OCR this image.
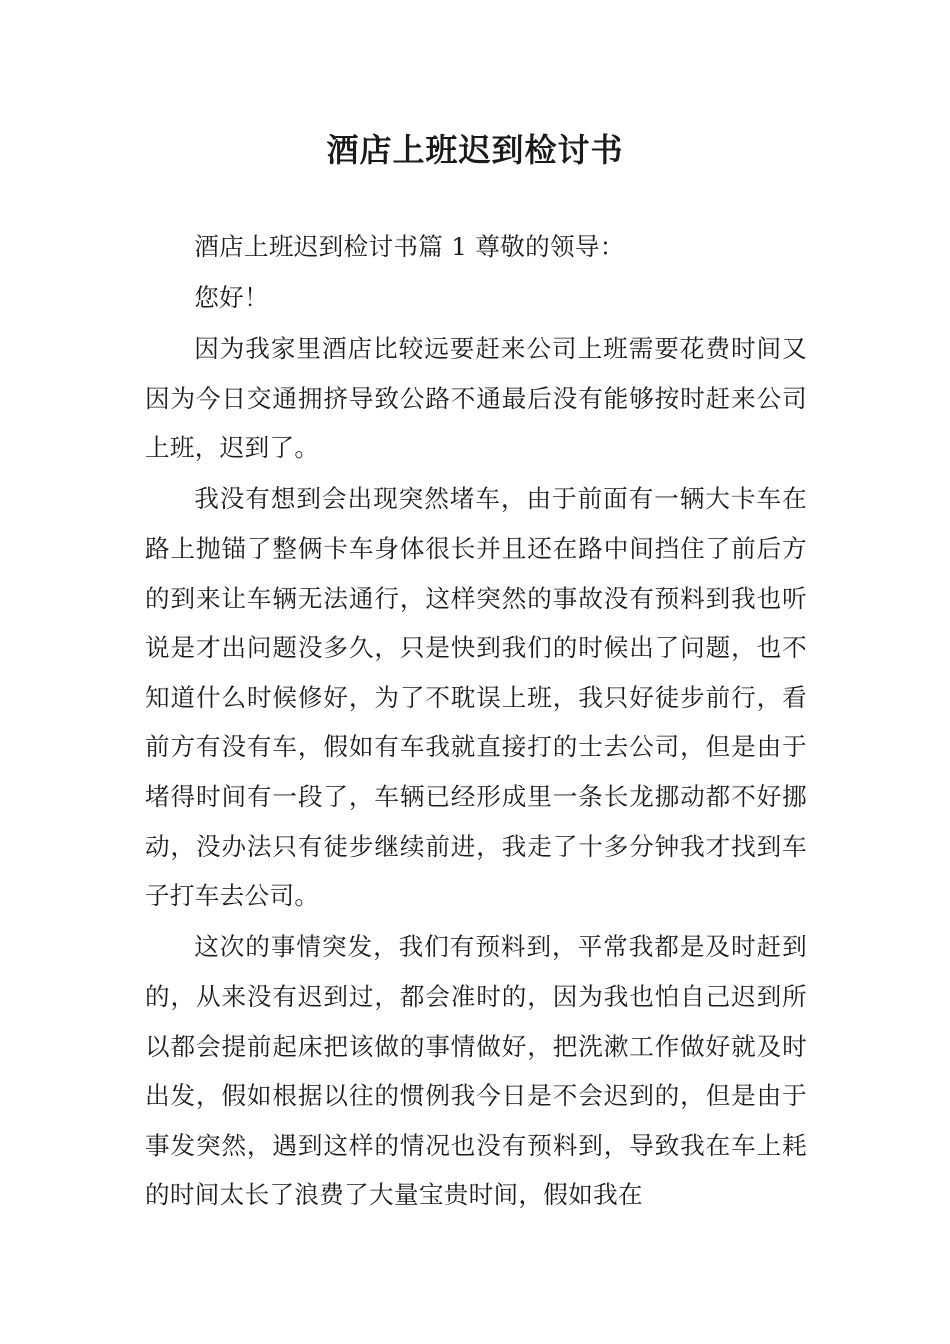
酒店上班迟到检讨书

酒店上班迟到检讨书篇 1 尊敬的领导：

您好！

因为我家里酒店比较远要赶来公司上班需要花费时间又因为今日交通拥挤导致公路不通最后没有能够按时赶来公司上班，迟到了。

我没有想到会出现突然堵车，由于前面有一辆大卡车在路上抛锚了整俩卡车身体很长并且还在路中间挡住了前后方的到来让车辆无法通行，这样突然的事故没有预料到我也听说是才出问题没多久，只是快到我们的时候出了问题，也不知道什么时候修好，为了不耽误上班，我只好徒步前行，看前方有没有车，假如有车我就直接打的士去公司，但是由于堵得时间有一段了，车辆已经形成里一条长龙挪动都不好挪动，没办法只有徒步继续前进，我走了十多分钟我才找到车子打车去公司。

这次的事情突发，我们有预料到，平常我都是及时赶到的，从来没有迟到过，都会准时的，因为我也怕自己迟到所以都会提前起床把该做的事情做好，把洗漱工作做好就及时出发，假如根据以往的惯例我今日是不会迟到的，但是由于事发突然，遇到这样的情况也没有预料到，导致我在车上耗的时间太长了浪费了大量宝贵时间，假如我在
